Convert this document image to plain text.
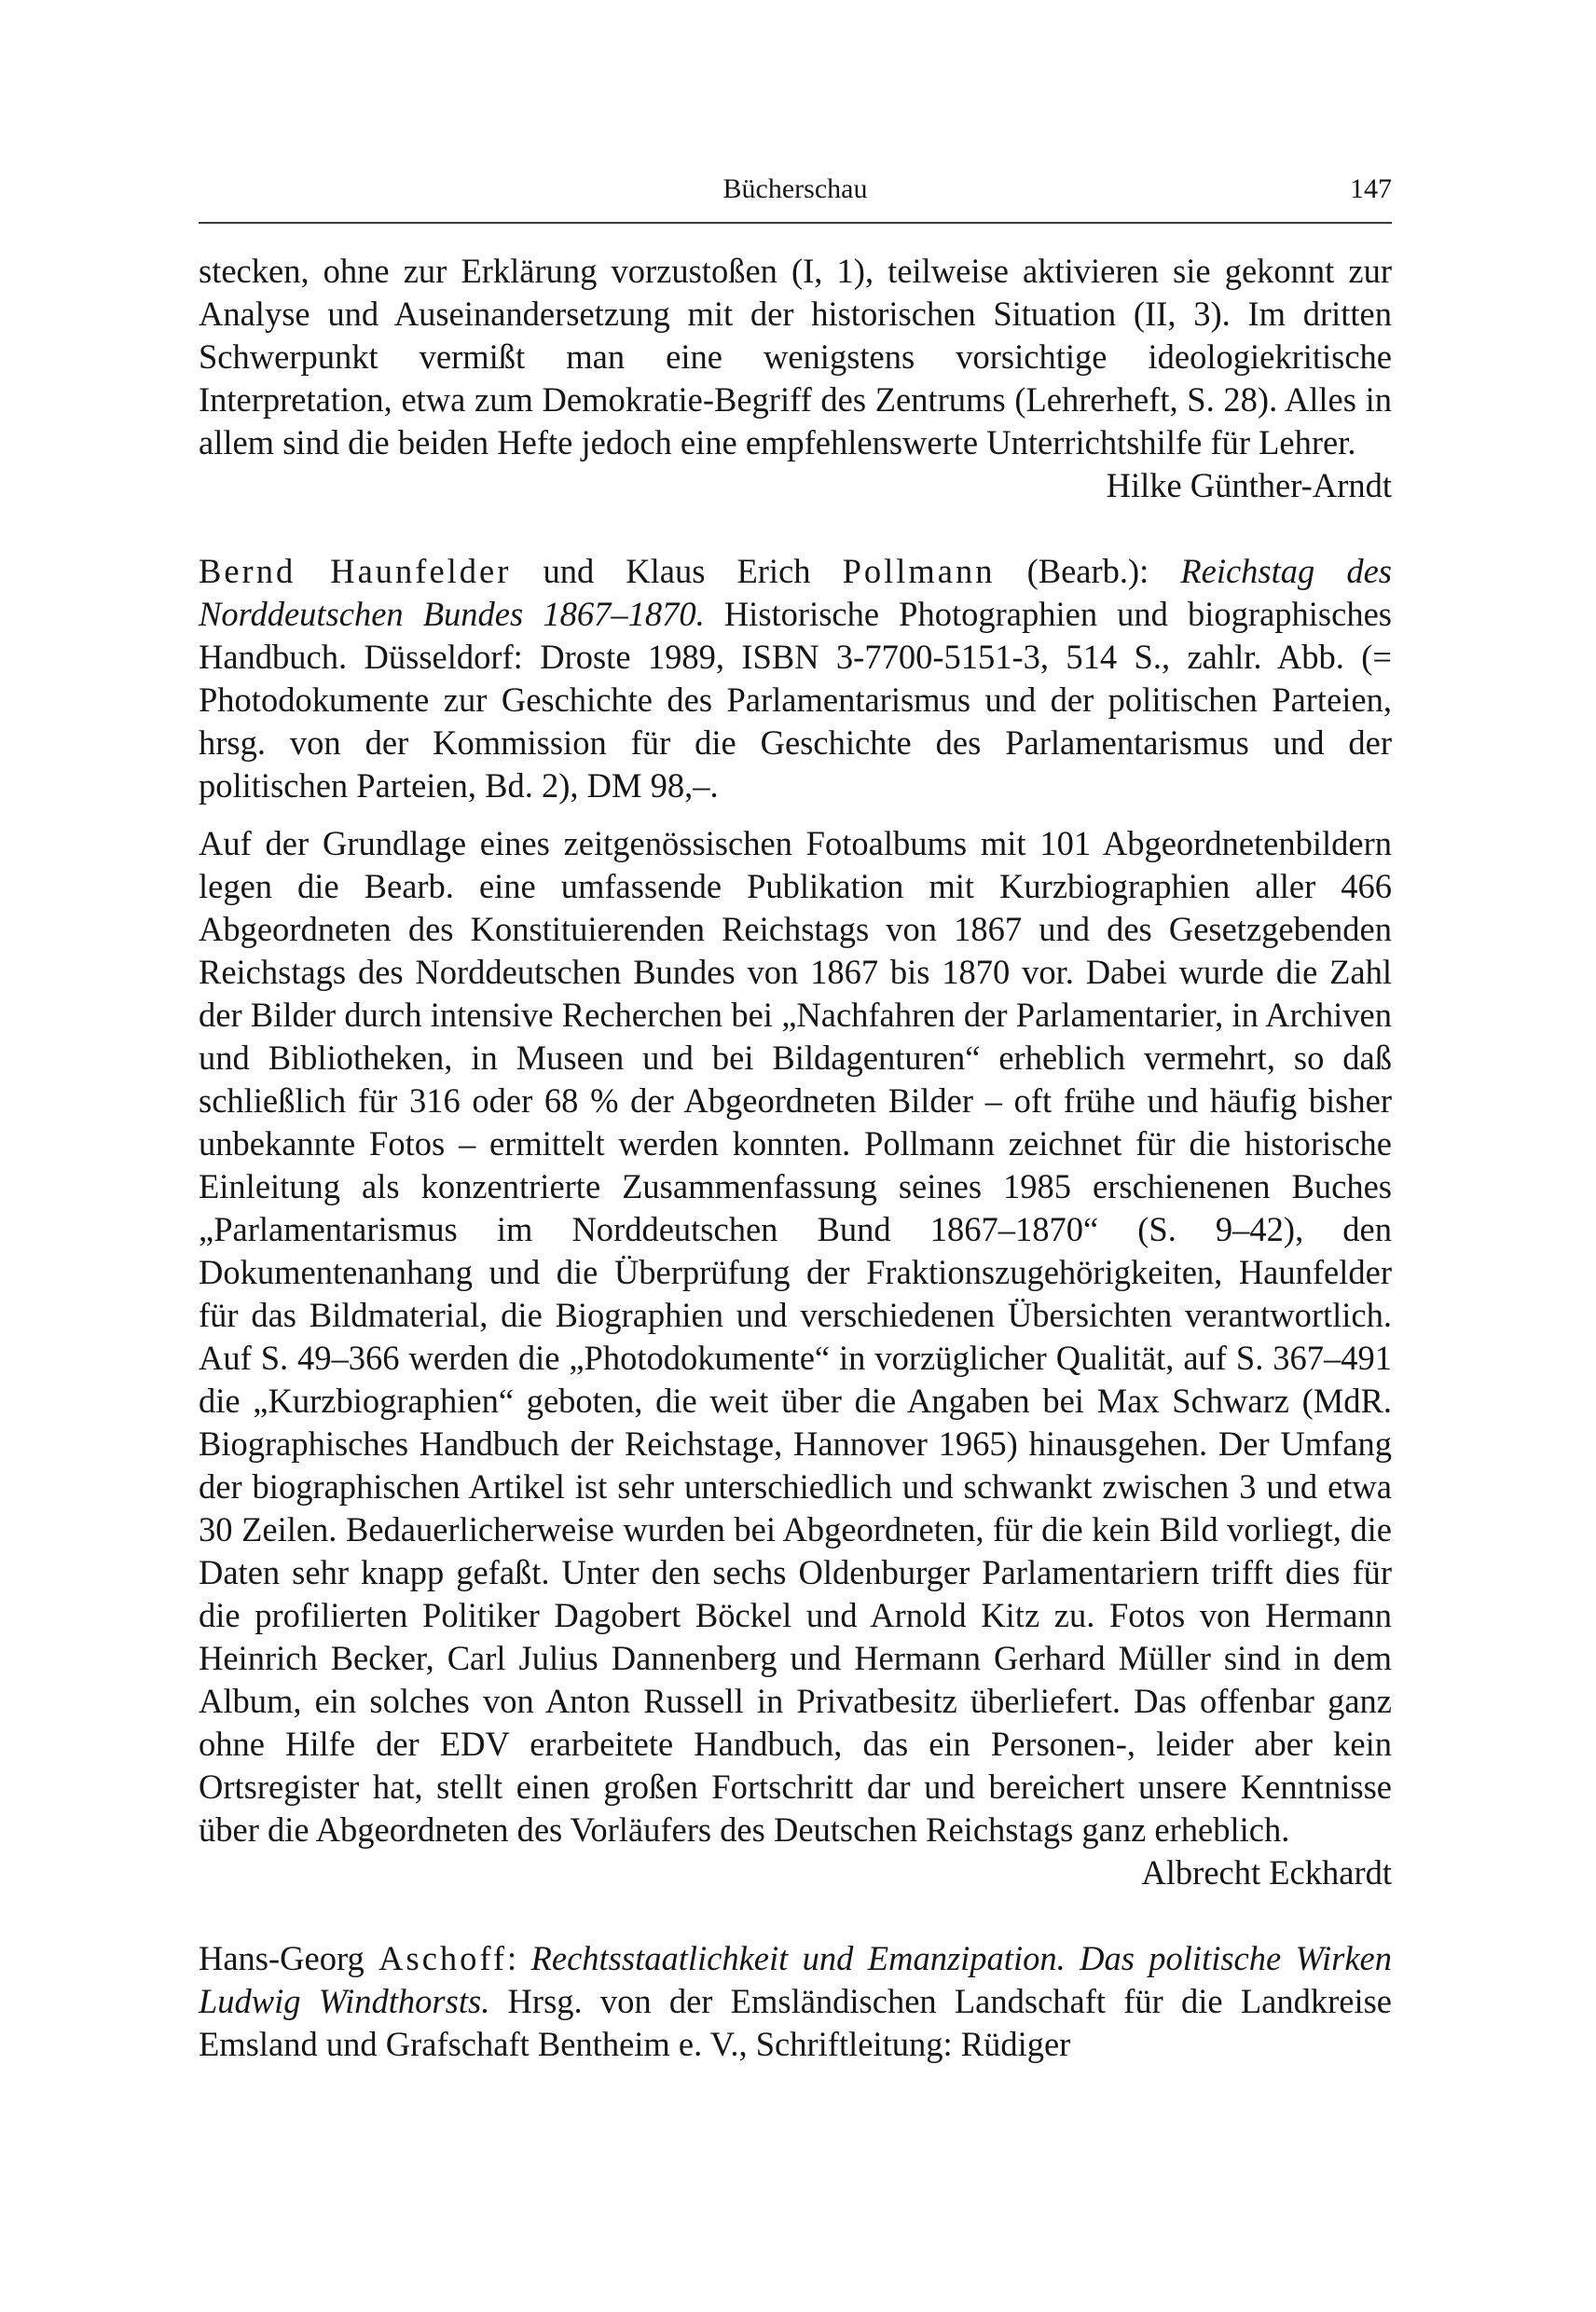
Bücherschau	147

stecken, ohne zur Erklärung vorzustoßen (I, 1), teilweise aktivieren sie gekonnt zur Analyse und Auseinandersetzung mit der historischen Situation (II, 3). Im dritten Schwerpunkt vermißt man eine wenigstens vorsichtige ideologiekritische Interpretation, etwa zum Demokratie-Begriff des Zentrums (Lehrerheft, S. 28). Alles in allem sind die beiden Hefte jedoch eine empfehlenswerte Unterrichtshilfe für Lehrer.

Hilke Günther-Arndt

Bernd Haunfelder und Klaus Erich Pollmann (Bearb.): Reichstag des Norddeutschen Bundes 1867–1870. Historische Photographien und biographisches Handbuch. Düsseldorf: Droste 1989, ISBN 3-7700-5151-3, 514 S., zahlr. Abb. (= Photodokumente zur Geschichte des Parlamentarismus und der politischen Parteien, hrsg. von der Kommission für die Geschichte des Parlamentarismus und der politischen Parteien, Bd. 2), DM 98,–.

Auf der Grundlage eines zeitgenössischen Fotoalbums mit 101 Abgeordnetenbildern legen die Bearb. eine umfassende Publikation mit Kurzbiographien aller 466 Abgeordneten des Konstituierenden Reichstags von 1867 und des Gesetzgebenden Reichstags des Norddeutschen Bundes von 1867 bis 1870 vor. Dabei wurde die Zahl der Bilder durch intensive Recherchen bei „Nachfahren der Parlamentarier, in Archiven und Bibliotheken, in Museen und bei Bildagenturen“ erheblich vermehrt, so daß schließlich für 316 oder 68 % der Abgeordneten Bilder – oft frühe und häufig bisher unbekannte Fotos – ermittelt werden konnten. Pollmann zeichnet für die historische Einleitung als konzentrierte Zusammenfassung seines 1985 erschienenen Buches „Parlamentarismus im Norddeutschen Bund 1867–1870“ (S. 9–42), den Dokumentenanhang und die Überprüfung der Fraktionszugehörigkeiten, Haunfelder für das Bildmaterial, die Biographien und verschiedenen Übersichten verantwortlich. Auf S. 49–366 werden die „Photodokumente“ in vorzüglicher Qualität, auf S. 367–491 die „Kurzbiographien“ geboten, die weit über die Angaben bei Max Schwarz (MdR. Biographisches Handbuch der Reichstage, Hannover 1965) hinausgehen. Der Umfang der biographischen Artikel ist sehr unterschiedlich und schwankt zwischen 3 und etwa 30 Zeilen. Bedauerlicherweise wurden bei Abgeordneten, für die kein Bild vorliegt, die Daten sehr knapp gefaßt. Unter den sechs Oldenburger Parlamentariern trifft dies für die profilierten Politiker Dagobert Böckel und Arnold Kitz zu. Fotos von Hermann Heinrich Becker, Carl Julius Dannenberg und Hermann Gerhard Müller sind in dem Album, ein solches von Anton Russell in Privatbesitz überliefert. Das offenbar ganz ohne Hilfe der EDV erarbeitete Handbuch, das ein Personen-, leider aber kein Ortsregister hat, stellt einen großen Fortschritt dar und bereichert unsere Kenntnisse über die Abgeordneten des Vorläufers des Deutschen Reichstags ganz erheblich.

Albrecht Eckhardt

Hans-Georg Aschoff: Rechtsstaatlichkeit und Emanzipation. Das politische Wirken Ludwig Windthorsts. Hrsg. von der Emsländischen Landschaft für die Landkreise Emsland und Grafschaft Bentheim e. V., Schriftleitung: Rüdiger
